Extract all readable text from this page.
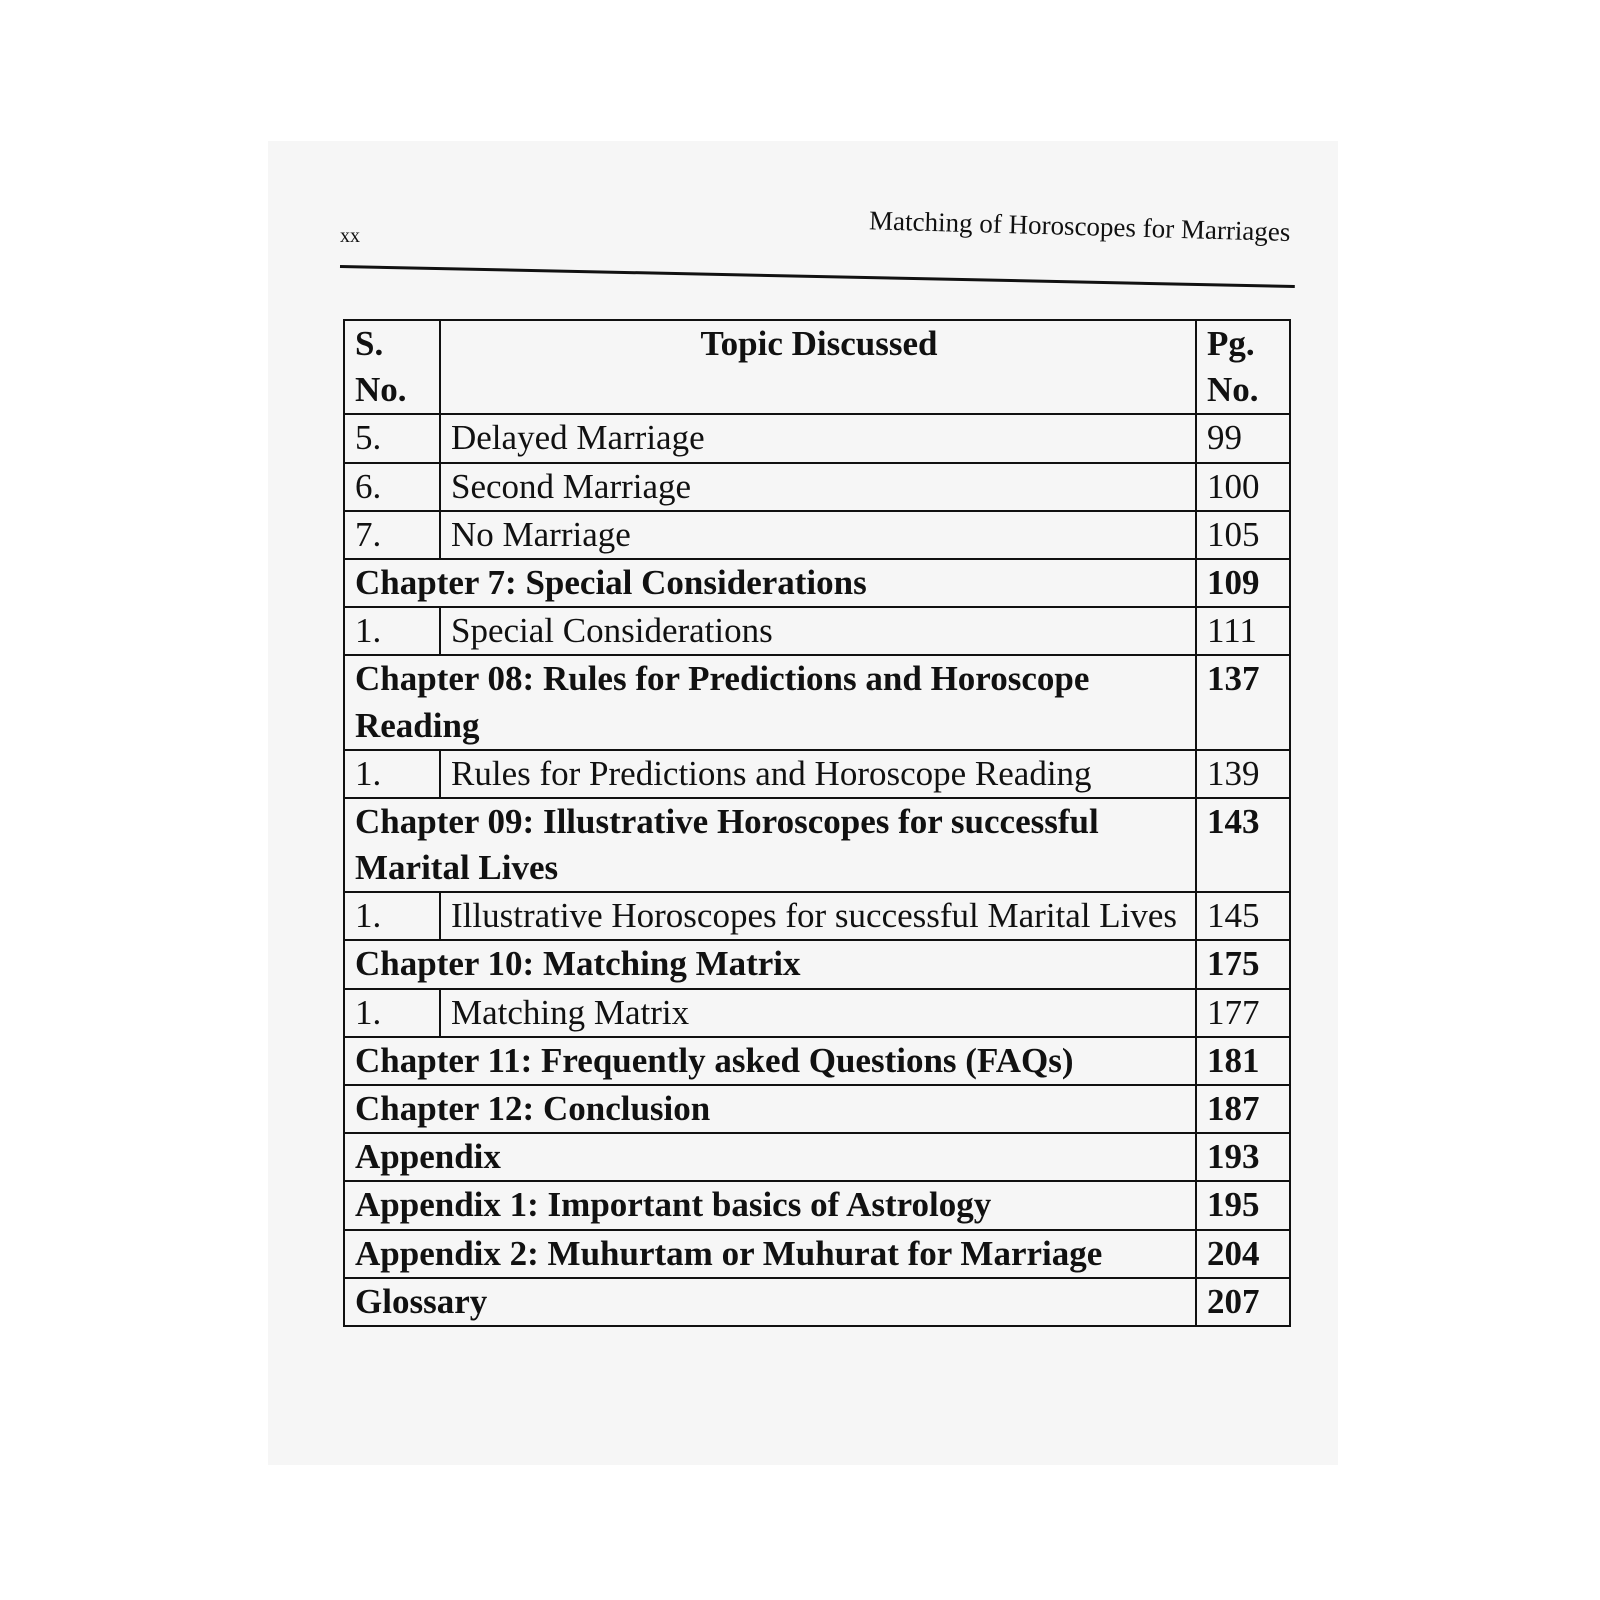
xx	Matching of Horoscopes for Marriages
S. No.	Topic Discussed	Pg. No.
5.	Delayed Marriage	99
6.	Second Marriage	100
7.	No Marriage	105
Chapter 7: Special Considerations		109
1.	Special Considerations	111
Chapter 08: Rules for Predictions and Horoscope Reading		137
1.	Rules for Predictions and Horoscope Reading	139
Chapter 09: Illustrative Horoscopes for successful Marital Lives		143
1.	Illustrative Horoscopes for successful Marital Lives	145
Chapter 10: Matching Matrix		175
1.	Matching Matrix	177
Chapter 11: Frequently asked Questions (FAQs)		181
Chapter 12: Conclusion		187
Appendix		193
Appendix 1: Important basics of Astrology		195
Appendix 2: Muhurtam or Muhurat for Marriage		204
Glossary		207
